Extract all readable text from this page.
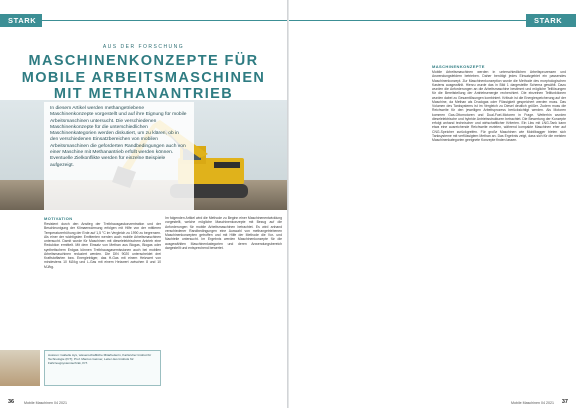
STARK
AUS DER FORSCHUNG
In diesem Artikel werden methangetriebene Maschinenkonzepte vorgestellt und auf ihre Eignung für mobile Arbeitsmaschinen untersucht. Die verschiedenen Maschinenkonzepte für die unterschiedlichen Maschinenkategorien werden diskutiert, um zu klären, ob in den verschiedenen Einsatzbereichen von mobilen Arbeitsmaschinen die geforderten Randbedingungen auch von einer Maschine mit Methanantrieb erfüllt werden können. Eventuelle Zielkonflikte werden für einzelne Beispiele aufgezeigt.
MOTIVATION

Resistent durch den Anstieg der Treibhausgaskonzentration und der Beschleunigung der Klimaerwärmung erfolgen mit Hilfe von der mittleren Temperaturerhöhung der Erde auf 1,5 °C im Vergleich zu 1990 zu begrenzen. Als einer der wichtigsten Emittenten werden auch mobile Arbeitsmaschinen untersucht. Damit wurde für Maschinen mit dieselelektrischem Antrieb eine Reduktion ermittelt. Mit dem Einsatz von Methan aus Biogas, Biogas oder synthetischem Erdgas können Treibhausgasemissionen auch bei mobilen Arbeitsmaschinen reduziert werden. Die DIN 9020 unterscheidet drei Kraftstoffarten bzw. Energieträger, das H-Gas mit einem Heizwert von mindestens 10 MJ/kg und L-Gas mit einem Heizwert zwischen 8 und 10 MJ/kg.

Im folgenden Artikel wird die Methode zu Beginn einer Maschinenentwicklung vorgestellt, welche mögliche Maschinenkonzepte mit Bezug auf die Anforderungen für mobile Arbeitsmaschinen betrachtet. Es wird anhand verschiedener Randbedingungen eine Auswahl von methangetriebenen Maschinenkonzepten getroffen und mit Hilfe der Methode die Vor- und Nachteile untersucht. Im Ergebnis werden Maschinenkonzepte für die ausgewählten Maschinenkategorien und deren Anwendungsbereich dargestellt und entsprechend bewertet.

Autoren: Isabelle Ays, wissenschaftliche Mitarbeiterin, Karlsruher Institut für Technologie (KIT); Prof. Marcus Geimer, Leiter des Instituts für Fahrzeugsystemtechnik, KIT.
36	Mobile Maschinen 04 2021
STARK
MASCHINENKONZEPTE

Mobile Arbeitsmaschinen werden in unterschiedlichen Arbeitsprozessen und Anwendungsfeldern betrieben. Daher benötigt jedes Einsatzgebiet ein passendes Maschinenkonzept. Zur Maschinenkonzeption wurde die Methode des morphologischen Kastens ausgewählt. Hierzu wurde das in Bild 1 dargestellte Schema gewählt. Dazu wurden die Anforderungen an die Arbeitsmaschine bestimmt und mögliche Teillösungen für die Bereitstellung der Antriebsenergie recherchiert. Die einzelnen Teilfunktionen wurden dabei zu Gesamtlösungen kombiniert. Kritisch ist die Energiespeicherung auf der Maschine, da Methan als Druckgas oder Flüssigkeit gespeichert werden muss. Das Volumen des Tanksystems ist im Vergleich zu Diesel deutlich größer. Zudem muss die Reichweite für den jeweiligen Arbeitsprozess berücksichtigt werden. Als Motoren kommen Gas-Ottomotoren und Dual-Fuel-Motoren in Frage. Weiterhin wurden dieselelektrische und hybride Antriebsstrukturen betrachtet. Die Bewertung der Konzepte erfolgt anhand technischer und wirtschaftlicher Kriterien. Ein Lkw mit LNG-Tank kann etwa eine ausreichende Reichweite erzielen, während kompakte Maschinen eher auf CNG-Speicher zurückgreifen. Für große Maschinen wie Mobilbagger bieten sich Tanksysteme mit verflüssigtem Methan an. Das Ergebnis zeigt, dass sich für die meisten Maschinenkategorien geeignete Konzepte finden lassen.

Mobile Maschinen 04 2021 37
MASCHINENKONZEPTE FÜR
MOBILE ARBEITSMASCHINEN
MIT METHANANTRIEB
